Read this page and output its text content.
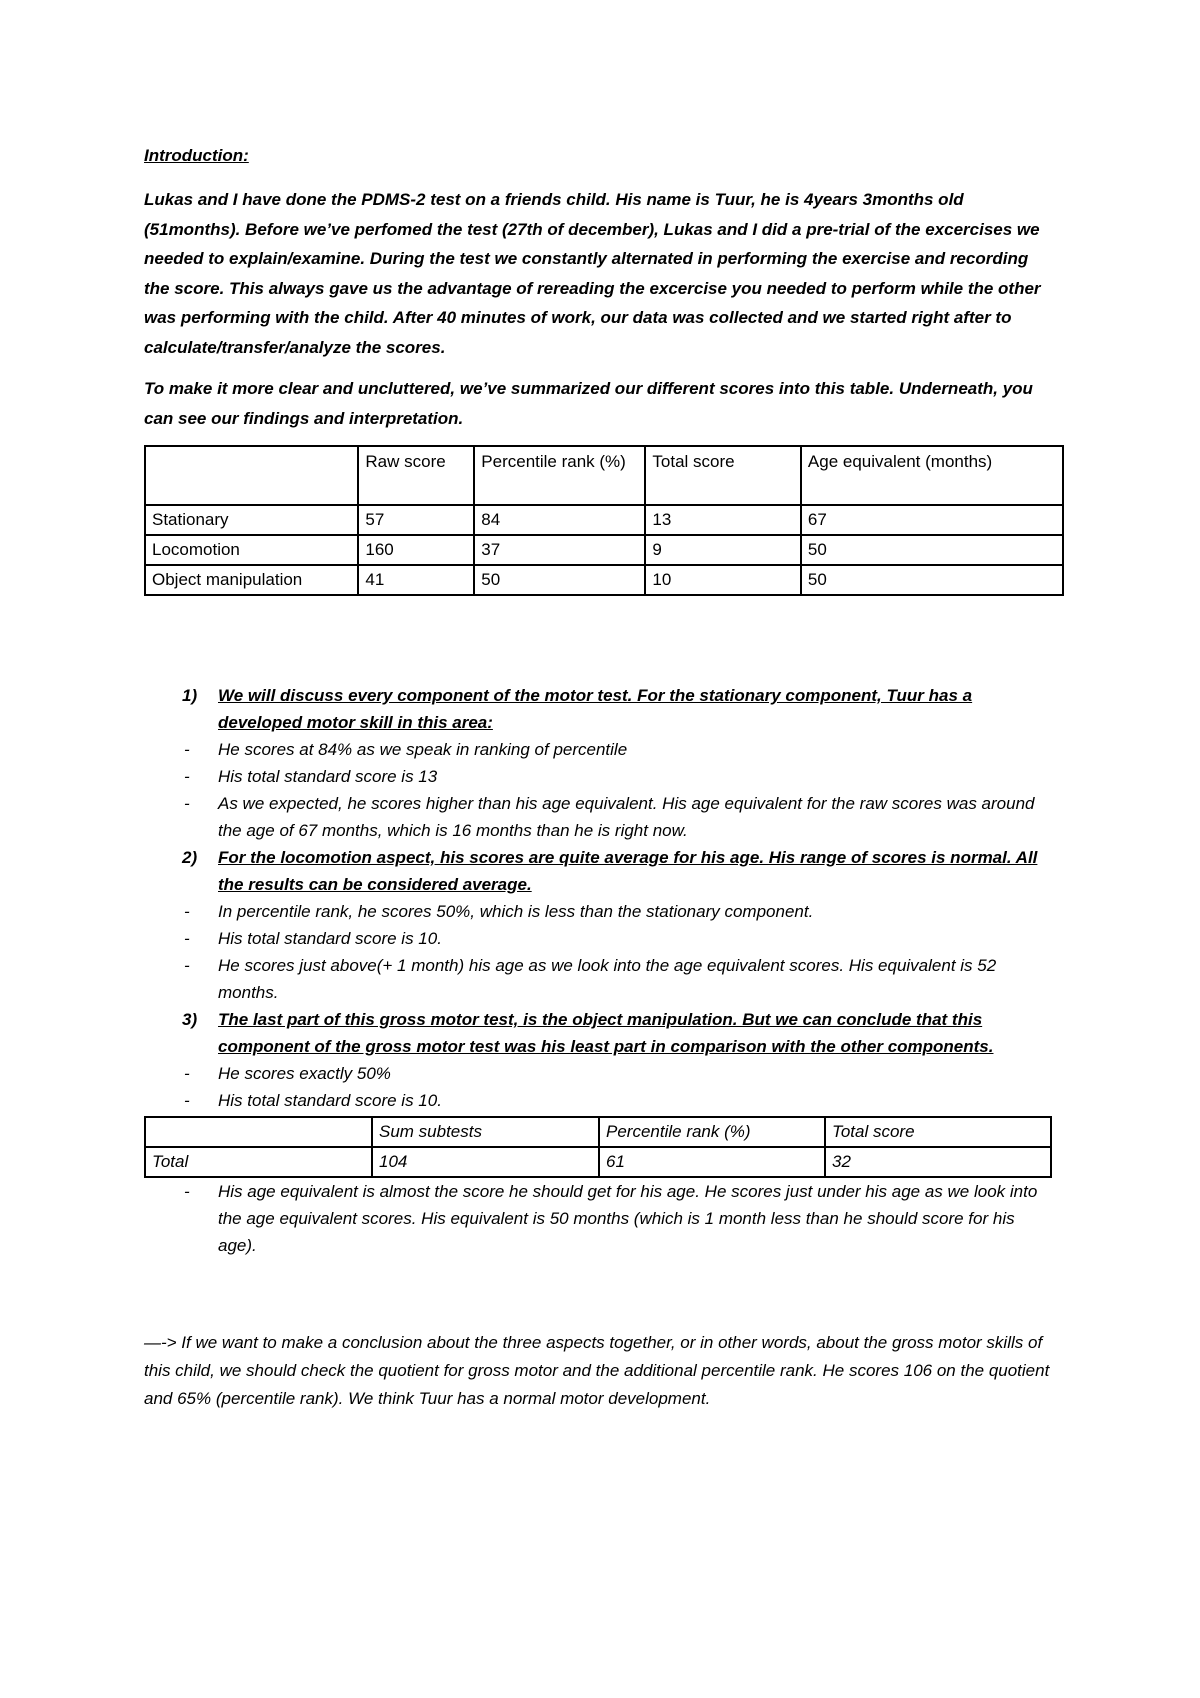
Introduction:

Lukas and I have done the PDMS-2 test on a friends child. His name is Tuur, he is 4years 3months old (51months). Before we’ve perfomed the test (27th of december), Lukas and I did a pre-trial of the excercises we needed to explain/examine. During the test we constantly alternated in performing the exercise and recording the score. This always gave us the advantage of rereading the excercise you needed to perform while the other was performing with the child. After 40 minutes of work, our data was collected and we started right after to calculate/transfer/analyze the scores.

To make it more clear and uncluttered, we’ve summarized our different scores into this table. Underneath, you can see our findings and interpretation.

	Raw score	Percentile rank (%)	Total score	Age equivalent (months)
Stationary	57	84	13	67
Locomotion	160	37	9	50
Object manipulation	41	50	10	50
1) We will discuss every component of the motor test. For the stationary component, Tuur has a developed motor skill in this area:
- He scores at 84% as we speak in ranking of percentile
- His total standard score is 13
- As we expected, he scores higher than his age equivalent. His age equivalent for the raw scores was around the age of 67 months, which is 16 months than he is right now.
2) For the locomotion aspect, his scores are quite average for his age. His range of scores is normal. All the results can be considered average.
- In percentile rank, he scores 50%, which is less than the stationary component.
- His total standard score is 10.
- He scores just above(+ 1 month) his age as we look into the age equivalent scores. His equivalent is 52 months.
3) The last part of this gross motor test, is the object manipulation. But we can conclude that this component of the gross motor test was his least part in comparison with the other components.
- He scores exactly 50%
- His total standard score is 10.
	Sum subtests	Percentile rank (%)	Total score
Total	104	61	32
- His age equivalent is almost the score he should get for his age. He scores just under his age as we look into the age equivalent scores. His equivalent is 50 months (which is 1 month less than he should score for his age).
—-> If we want to make a conclusion about the three aspects together, or in other words, about the gross motor skills of this child, we should check the quotient for gross motor and the additional percentile rank. He scores 106 on the quotient and 65% (percentile rank). We think Tuur has a normal motor development.
